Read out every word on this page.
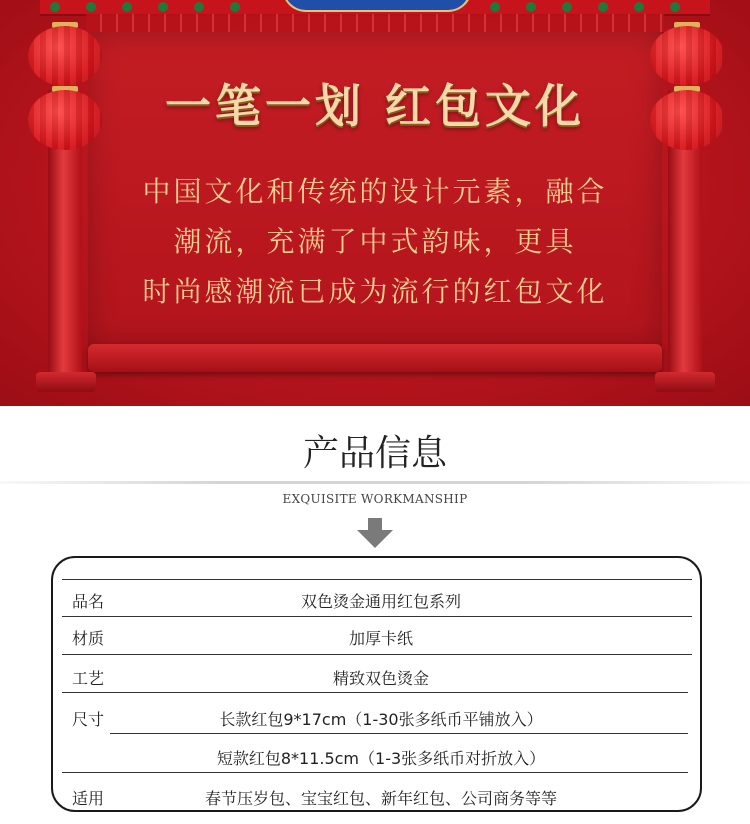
一笔一划 红包文化
中国文化和传统的设计元素，融合
潮流，充满了中式韵味，更具
时尚感潮流已成为流行的红包文化
产品信息
EXQUISITE WORKMANSHIP
品名	双色烫金通用红包系列
材质	加厚卡纸
工艺	精致双色烫金
尺寸	长款红包9*17cm（1-30张多纸币平铺放入）
短款红包8*11.5cm（1-3张多纸币对折放入）
适用	春节压岁包、宝宝红包、新年红包、公司商务等等
